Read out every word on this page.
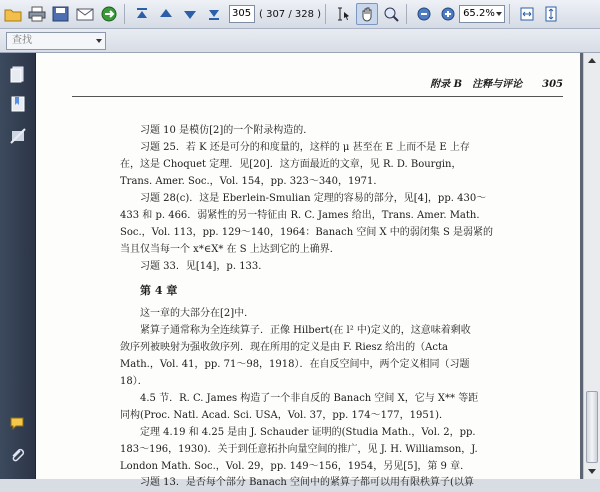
305 ( 307 / 328 )	65.2%
查找
附录 B　注释与评论　　305
习题 10 是模仿[2]的一个附录构造的．
习题 25．若 K 还是可分的和度量的，这样的 μ 甚至在 E 上而不是 E 上存
在，这是 Choquet 定理．见[20]．这方面最近的文章，见 R. D. Bourgin，
Trans. Amer. Soc.，Vol. 154，pp. 323～340，1971．
习题 28(c)．这是 Eberlein-Smulian 定理的容易的部分，见[4]，pp. 430～
433 和 p. 466．弱紧性的另一特征由 R. C. James 给出，Trans. Amer. Math.
Soc.，Vol. 113，pp. 129～140，1964：Banach 空间 X 中的弱闭集 S 是弱紧的
当且仅当每一个 x*∈X* 在 S 上达到它的上确界．
习题 33．见[14]，p. 133．
第 4 章
这一章的大部分在[2]中．
紧算子通常称为全连续算子．正像 Hilbert(在 l² 中)定义的，这意味着剩收
敛序列被映射为强收敛序列．现在所用的定义是由 F. Riesz 给出的（Acta
Math.，Vol. 41，pp. 71～98，1918）．在自反空间中，两个定义相同（习题
18）．
4.5 节．R. C. James 构造了一个非自反的 Banach 空间 X，它与 X** 等距
同构(Proc. Natl. Acad. Sci. USA，Vol. 37，pp. 174～177，1951)．
定理 4.19 和 4.25 是由 J. Schauder 证明的(Studia Math.，Vol. 2，pp.
183～196，1930)．关于到任意拓扑向量空间的推广，见 J. H. Williamson，J.
London Math. Soc.，Vol. 29，pp. 149～156，1954，另见[5]，第 9 章．
习题 13．是否每个部分 Banach 空间中的紧算子都可以用有限秩算子(以算
